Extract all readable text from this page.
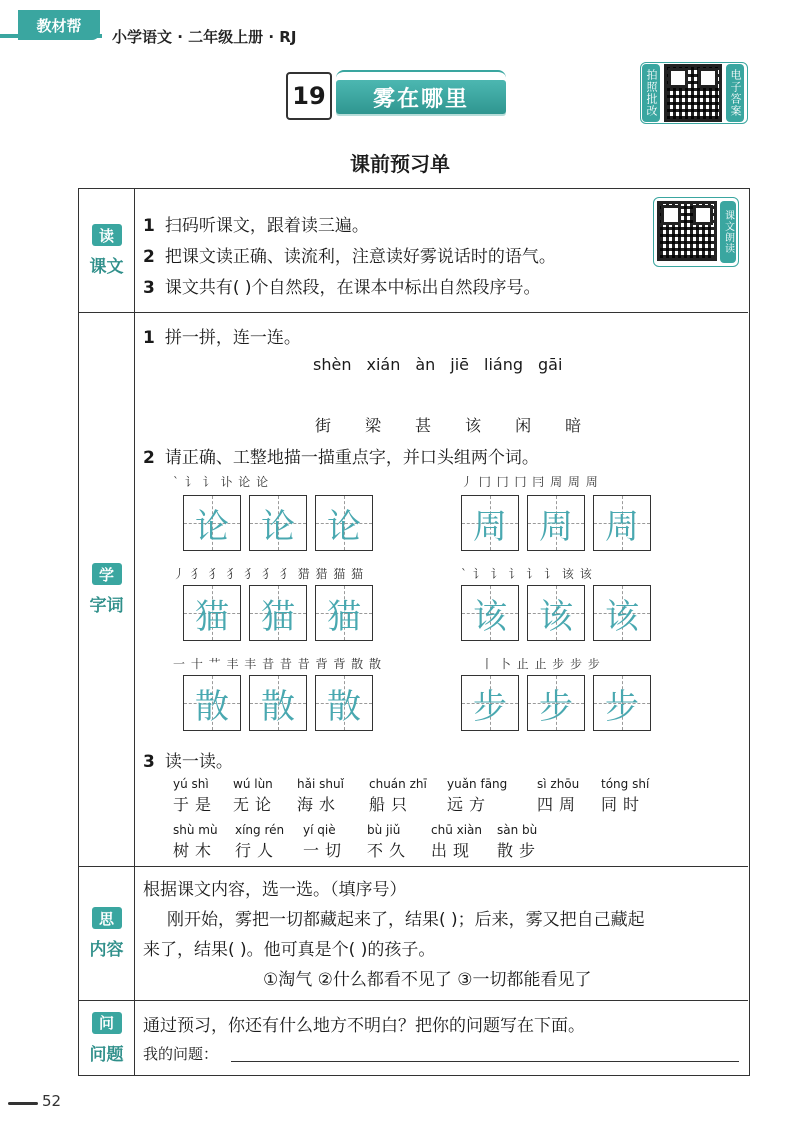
教材帮
小学语文 · 二年级上册 · RJ
19	雾在哪里	拍照批改	电子答案
课前预习单
读
课文
1 扫码听课文，跟着读三遍。
2 把课文读正确、读流利，注意读好雾说话时的语气。
3 课文共有( )个自然段，在课本中标出自然段序号。
课文朗读
学
字词
1 拼一拼，连一连。
shèn xián àn jiē liáng gāi
街 梁 甚 该 闲 暗
2 请正确、工整地描一描重点字，并口头组两个词。
` 讠 讠 讣 论 论
论 论 论
丿 冂 冂 冂 冃 周 周 周
周 周 周
丿 犭 犭 犭 犭 犭 犭 猎 猎 猫 猫
猫 猫 猫
` 讠 讠 讠 讠 讠 该 该
该 该 该
一 十 艹 丰 丰 昔 昔 昔 背 背 散 散
散 散 散
丨 卜 止 止 步 步 步
步 步 步
3 读一读。
yú shì
于是
wú lùn
无论
hǎi shuǐ
海水
chuán zhī
船只
yuǎn fāng
远方
sì zhōu
四周
tóng shí
同时
shù mù
树木
xíng rén
行人
yí qiè
一切
bù jiǔ
不久
chū xiàn
出现
sàn bù
散步
思
内容
根据课文内容，选一选。（填序号）
刚开始，雾把一切都藏起来了，结果( )；后来，雾又把自己藏起
来了，结果( )。他可真是个( )的孩子。
①淘气 ②什么都看不见了 ③一切都能看见了
问
问题
通过预习，你还有什么地方不明白？把你的问题写在下面。
我的问题：
52
